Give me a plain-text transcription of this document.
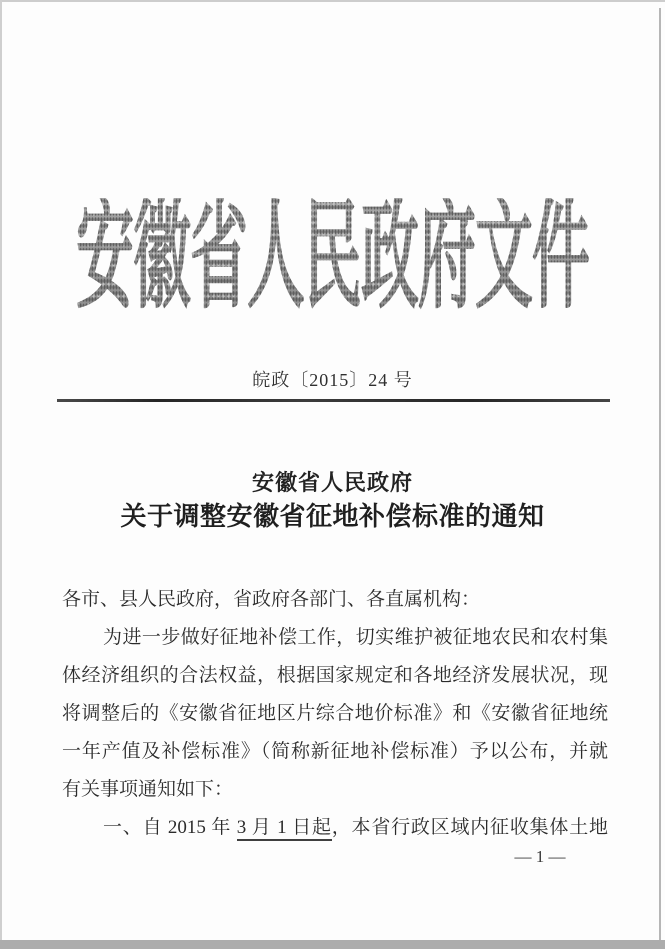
安徽省人民政府文件
皖政〔2015〕24 号
安徽省人民政府
关于调整安徽省征地补偿标准的通知
各市、县人民政府，省政府各部门、各直属机构：
为进一步做好征地补偿工作，切实维护被征地农民和农村集
体经济组织的合法权益，根据国家规定和各地经济发展状况，现
将调整后的《安徽省征地区片综合地价标准》和《安徽省征地统
一年产值及补偿标准》（简称新征地补偿标准）予以公布，并就
有关事项通知如下：
一、自 2015 年 3 月 1 日起，本省行政区域内征收集体土地
— 1 —
